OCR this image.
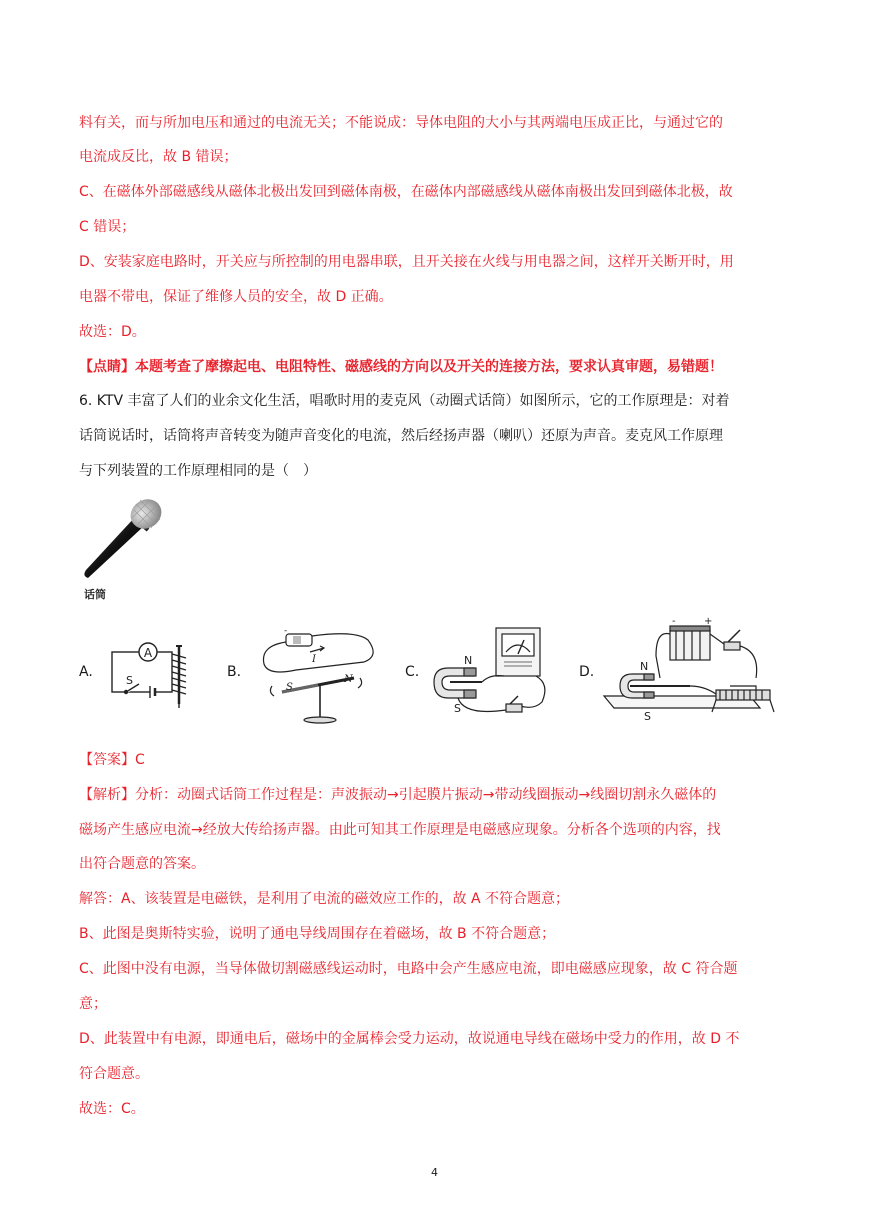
料有关，而与所加电压和通过的电流无关；不能说成：导体电阻的大小与其两端电压成正比，与通过它的
电流成反比，故 B 错误；
C、在磁体外部磁感线从磁体北极出发回到磁体南极，在磁体内部磁感线从磁体南极出发回到磁体北极，故
C 错误；
D、安装家庭电路时，开关应与所控制的用电器串联，且开关接在火线与用电器之间，这样开关断开时，用
电器不带电，保证了维修人员的安全，故 D 正确。
故选：D。
【点睛】本题考查了摩擦起电、电阻特性、磁感线的方向以及开关的连接方法，要求认真审题，易错题！
6. KTV 丰富了人们的业余文化生活，唱歌时用的麦克风（动圈式话筒）如图所示，它的工作原理是：对着
话筒说话时，话筒将声音转变为随声音变化的电流，然后经扬声器（喇叭）还原为声音。麦克风工作原理
与下列装置的工作原理相同的是（　）
话筒
A.	B.	C.	D.
A
S
-
I
S
N
N
S
-	+
N
S
【答案】C
【解析】分析：动圈式话筒工作过程是：声波振动→引起膜片振动→带动线圈振动→线圈切割永久磁体的
磁场产生感应电流→经放大传给扬声器。由此可知其工作原理是电磁感应现象。分析各个选项的内容，找
出符合题意的答案。
解答：A、该装置是电磁铁，是利用了电流的磁效应工作的，故 A 不符合题意；
B、此图是奥斯特实验，说明了通电导线周围存在着磁场，故 B 不符合题意；
C、此图中没有电源，当导体做切割磁感线运动时，电路中会产生感应电流，即电磁感应现象，故 C 符合题
意；
D、此装置中有电源，即通电后，磁场中的金属棒会受力运动，故说通电导线在磁场中受力的作用，故 D 不
符合题意。
故选：C。
4
